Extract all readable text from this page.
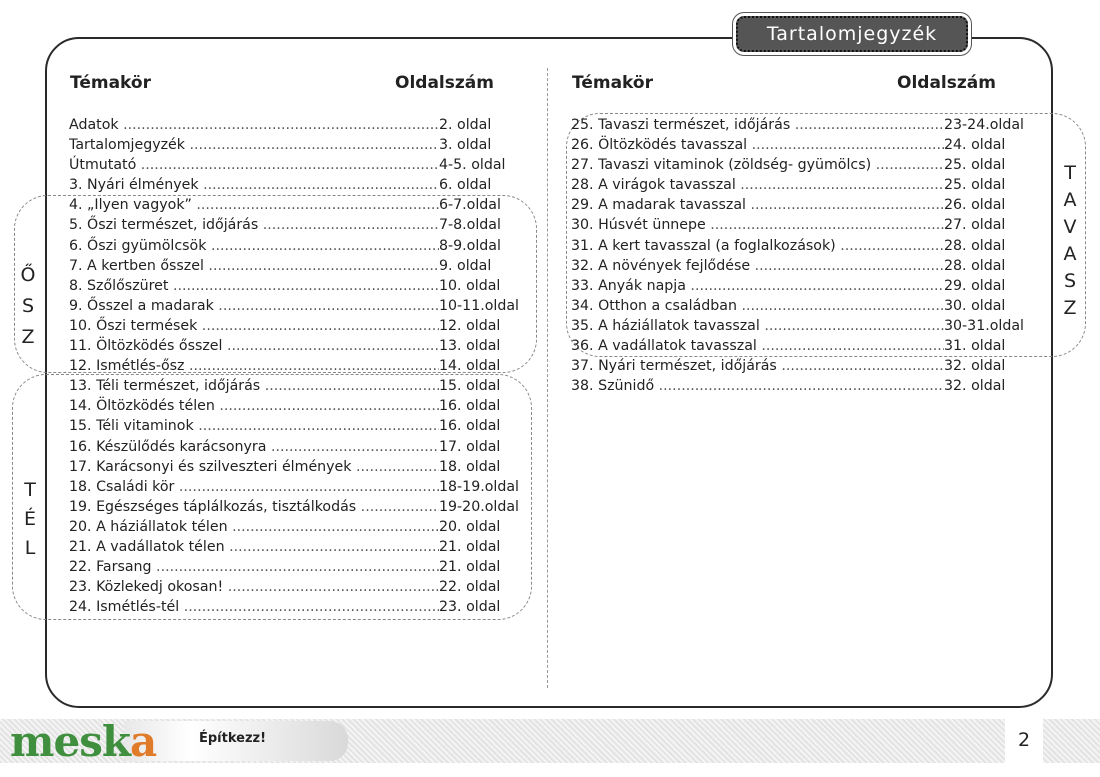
Tartalomjegyzék
Ő
S
Z
T
É
L
T
A
V
A
S
Z
Témakör	Oldalszám	Témakör	Oldalszám
Adatok .....	2. oldal
Tartalomjegyzék .....	3. oldal
Útmutató .....	4-5. oldal
3. Nyári élmények .....	6. oldal
4. „Ilyen vagyok” .....	6-7.oldal
5. Őszi természet, időjárás .....	7-8.oldal
6. Őszi gyümölcsök .....	8-9.oldal
7. A kertben ősszel .....	9. oldal
8. Szőlőszüret .....	10. oldal
9. Ősszel a madarak .....	10-11.oldal
10. Őszi termések .....	12. oldal
11. Öltözködés ősszel .....	13. oldal
12. Ismétlés-ősz .....	14. oldal
13. Téli természet, időjárás .....	15. oldal
14. Öltözködés télen .....	16. oldal
15. Téli vitaminok .....	16. oldal
16. Készülődés karácsonyra .....	17. oldal
17. Karácsonyi és szilveszteri élmények .....	18. oldal
18. Családi kör .....	18-19.oldal
19. Egészséges táplálkozás, tisztálkodás .....	19-20.oldal
20. A háziállatok télen .....	20. oldal
21. A vadállatok télen .....	21. oldal
22. Farsang .....	21. oldal
23. Közlekedj okosan! .....	22. oldal
24. Ismétlés-tél .....	23. oldal
25. Tavaszi természet, időjárás .....	23-24.oldal
26. Öltözködés tavasszal .....	24. oldal
27. Tavaszi vitaminok (zöldség- gyümölcs) .....	25. oldal
28. A virágok tavasszal .....	25. oldal
29. A madarak tavasszal .....	26. oldal
30. Húsvét ünnepe .....	27. oldal
31. A kert tavasszal (a foglalkozások) .....	28. oldal
32. A növények fejlődése .....	28. oldal
33. Anyák napja .....	29. oldal
34. Otthon a családban .....	30. oldal
35. A háziállatok tavasszal .....	30-31.oldal
36. A vadállatok tavasszal .....	31. oldal
37. Nyári természet, időjárás .....	32. oldal
38. Szünidő .....	32. oldal
meska	Építkezz!	2
